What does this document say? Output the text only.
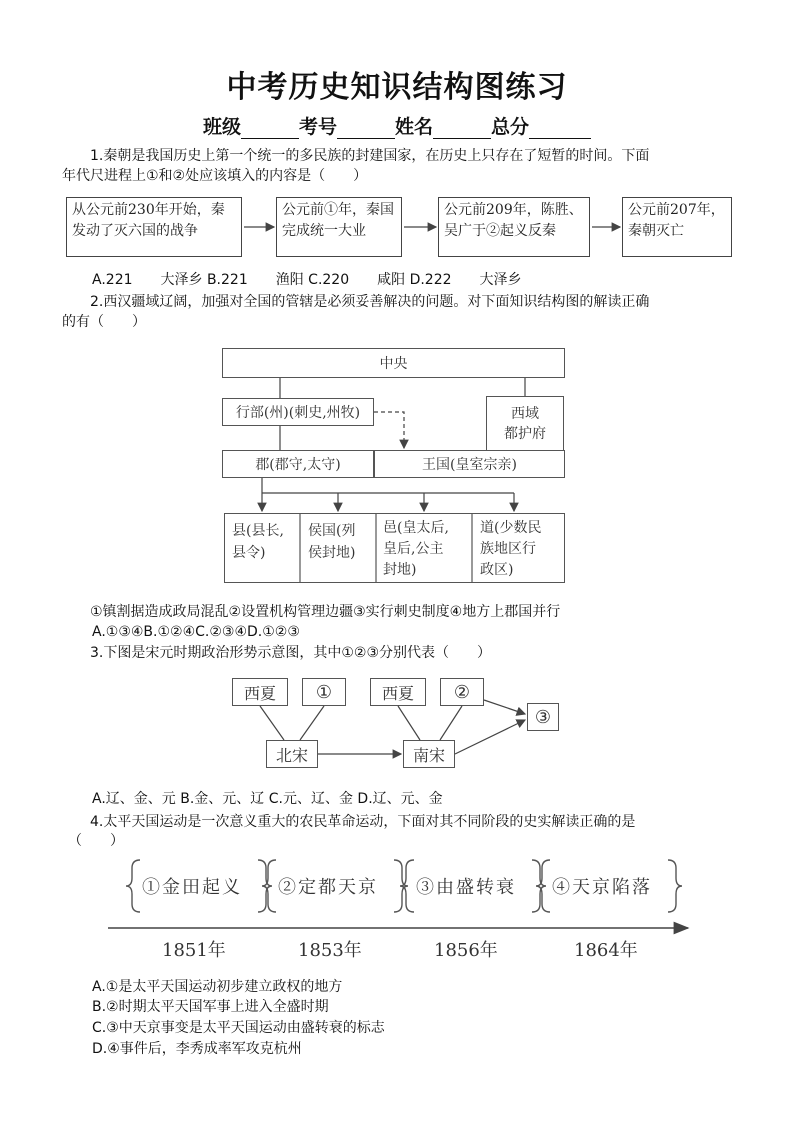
中考历史知识结构图练习
班级	考号	姓名	总分
1.秦朝是我国历史上第一个统一的多民族的封建国家，在历史上只存在了短暂的时间。下面
年代尺进程上①和②处应该填入的内容是（　　）
从公元前230年开始，秦
发动了灭六国的战争
公元前①年，秦国
完成统一大业
公元前209年，陈胜、
吴广于②起义反秦
公元前207年，
秦朝灭亡
A.221　　大泽乡 B.221　　渔阳 C.220　　咸阳 D.222　　大泽乡
2.西汉疆域辽阔，加强对全国的管辖是必须妥善解决的问题。对下面知识结构图的解读正确
的有（　　）
中央
行部(州)(刺史,州牧)	西域
都护府
郡(郡守,太守)	王国(皇室宗亲)
县(县长,
县令)
侯国(列
侯封地)
邑(皇太后,
皇后,公主
封地)
道(少数民
族地区行
政区)
①镇割据造成政局混乱②设置机构管理边疆③实行刺史制度④地方上郡国并行
A.①③④B.①②④C.②③④D.①②③
3.下图是宋元时期政治形势示意图，其中①②③分别代表（　　）
西夏 ①	西夏 ②
③
北宋	南宋
A.辽、金、元 B.金、元、辽 C.元、辽、金 D.辽、元、金
4.太平天国运动是一次意义重大的农民革命运动，下面对其不同阶段的史实解读正确的是
（　　）
①金田起义 ②定都天京 ③由盛转衰 ④天京陷落
1851年	1853年	1856年	1864年
A.①是太平天国运动初步建立政权的地方
B.②时期太平天国军事上进入全盛时期
C.③中天京事变是太平天国运动由盛转衰的标志
D.④事件后，李秀成率军攻克杭州
